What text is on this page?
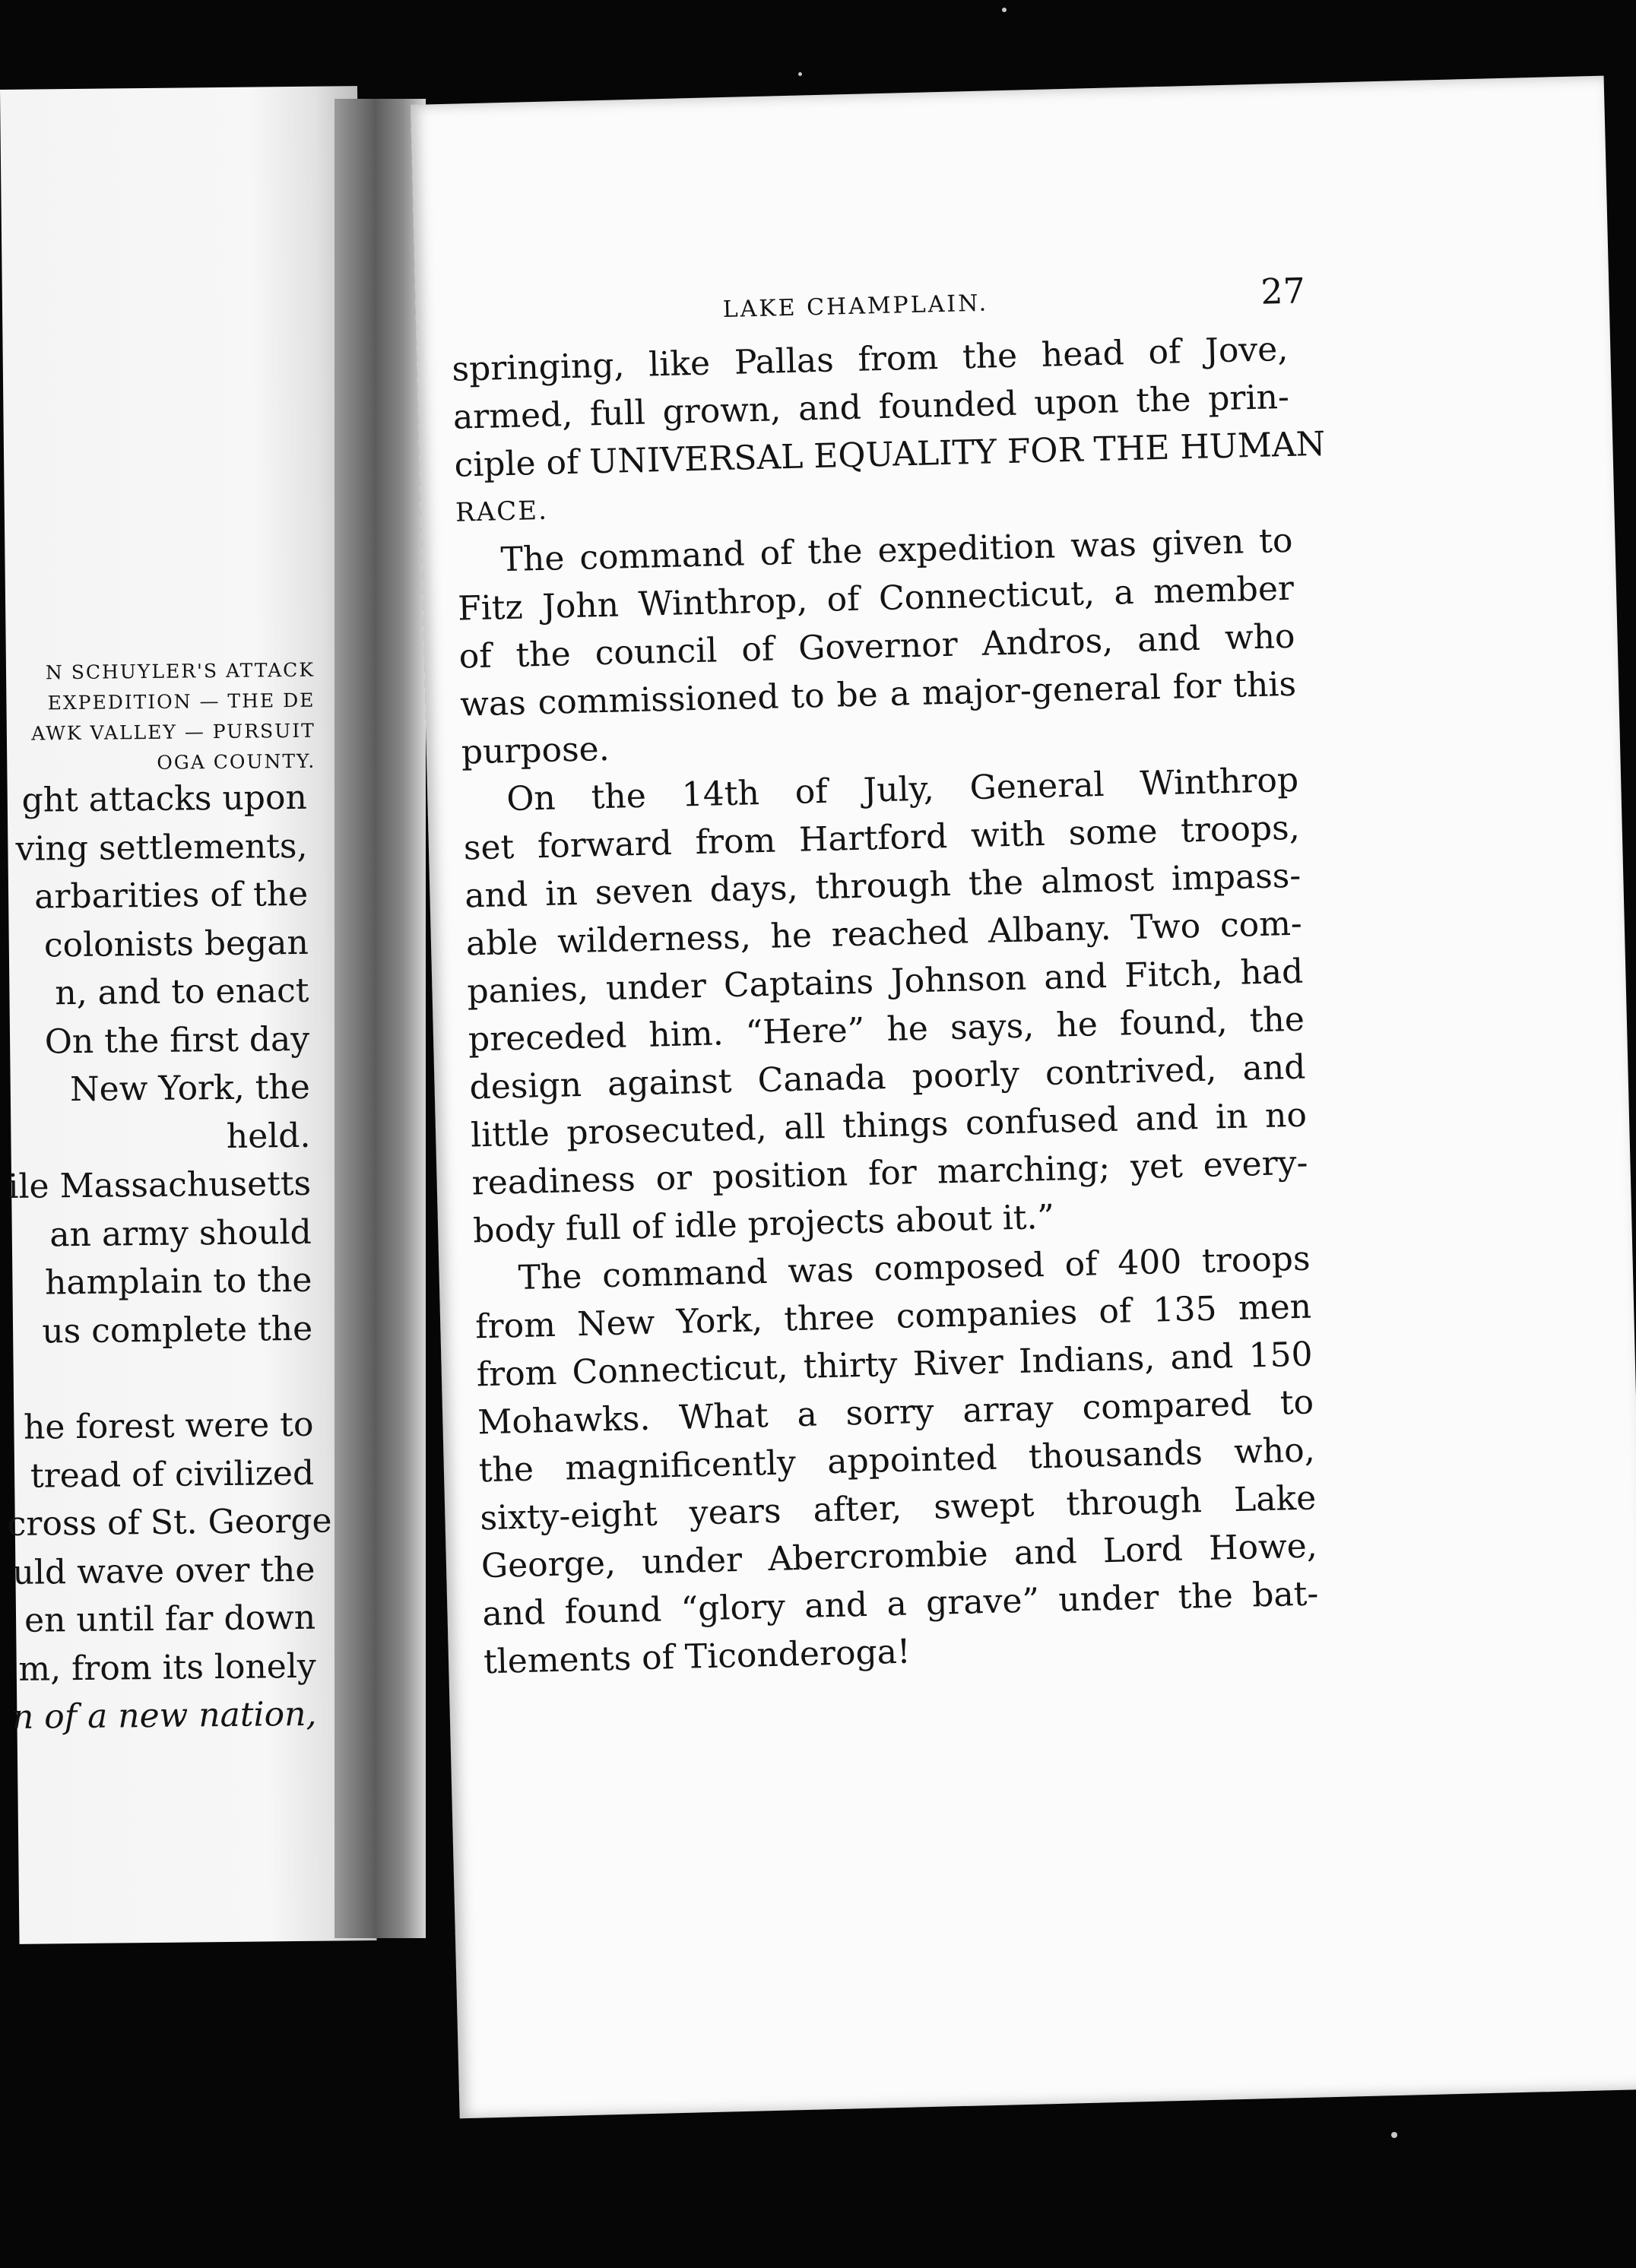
N SCHUYLER'S ATTACK
EXPEDITION — THE DE
AWK VALLEY — PURSUIT
OGA COUNTY.
ght attacks upon
ving settlements,
arbarities of the
colonists began
n, and to enact
On the first day
New York, the
held.
ile Massachusetts
an army should
hamplain to the
us complete the
he forest were to
tread of civilized
cross of St. George
uld wave over the
en until far down
m, from its lonely
n of a new nation,
LAKE CHAMPLAIN.	27

springing, like Pallas from the head of Jove,
armed, full grown, and founded upon the prin-
ciple of UNIVERSAL EQUALITY FOR THE HUMAN
RACE.

The command of the expedition was given to
Fitz John Winthrop, of Connecticut, a member
of the council of Governor Andros, and who
was commissioned to be a major-general for this
purpose.

On the 14th of July, General Winthrop
set forward from Hartford with some troops,
and in seven days, through the almost impass-
able wilderness, he reached Albany. Two com-
panies, under Captains Johnson and Fitch, had
preceded him. “Here” he says, he found, the
design against Canada poorly contrived, and
little prosecuted, all things confused and in no
readiness or position for marching; yet every-
body full of idle projects about it.”

The command was composed of 400 troops
from New York, three companies of 135 men
from Connecticut, thirty River Indians, and 150
Mohawks. What a sorry array compared to
the magnificently appointed thousands who,
sixty-eight years after, swept through Lake
George, under Abercrombie and Lord Howe,
and found “glory and a grave” under the bat-
tlements of Ticonderoga!
